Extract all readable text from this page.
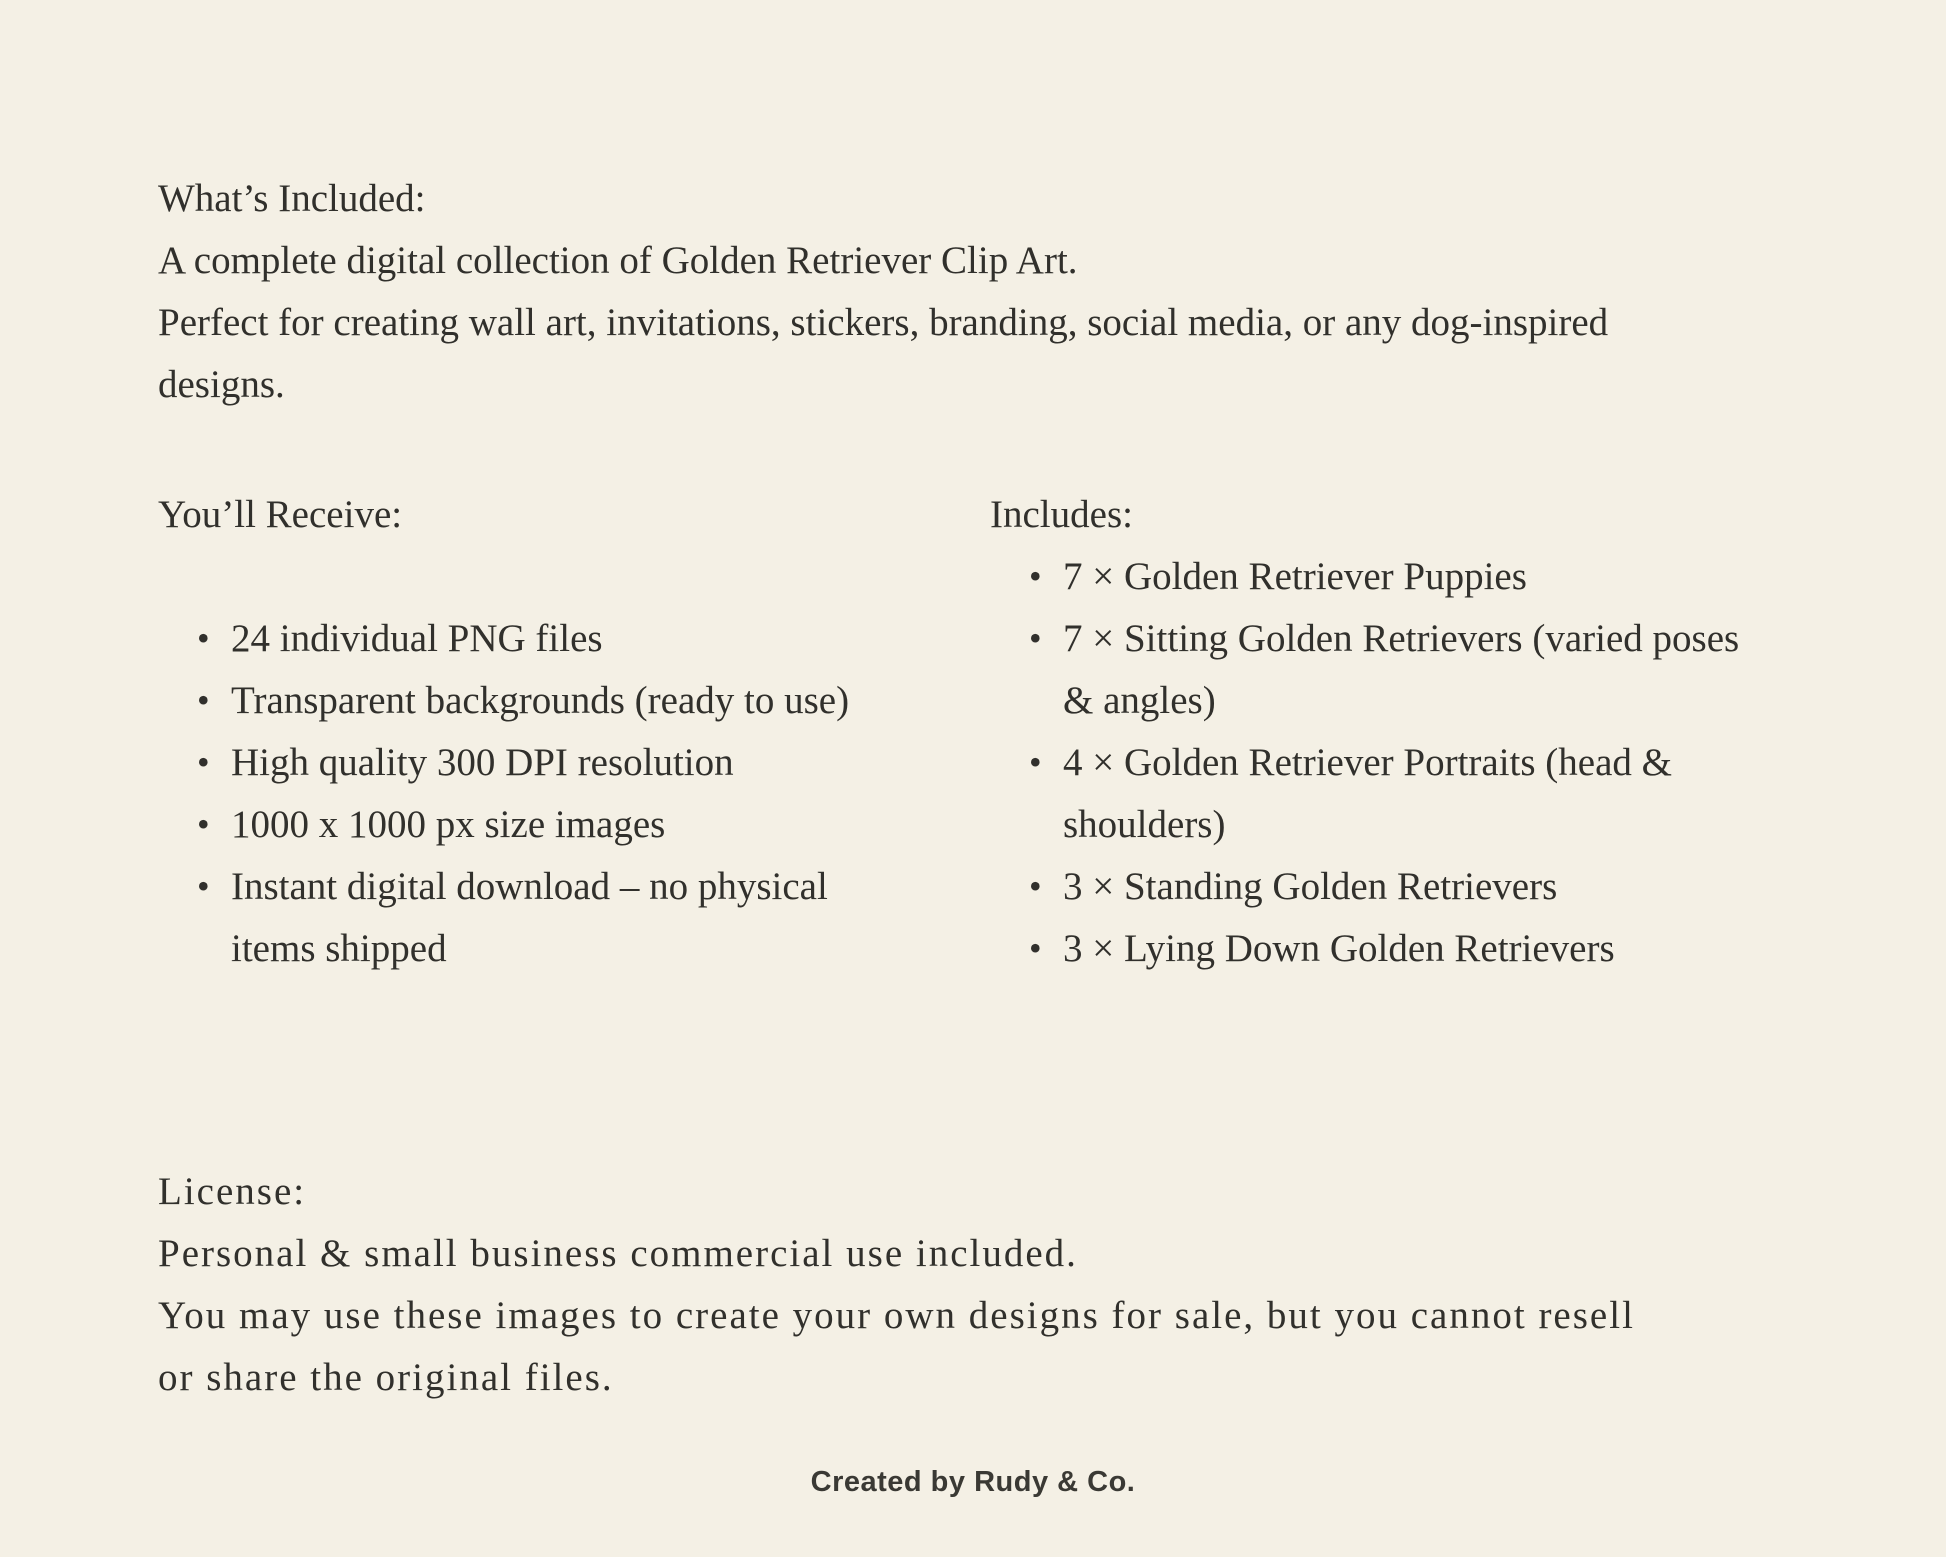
What’s Included:
A complete digital collection of Golden Retriever Clip Art.
Perfect for creating wall art, invitations, stickers, branding, social media, or any dog-inspired
designs.
You’ll Receive:
• 24 individual PNG files
• Transparent backgrounds (ready to use)
• High quality 300 DPI resolution
• 1000 x 1000 px size images
• Instant digital download – no physical
items shipped
Includes:
• 7 × Golden Retriever Puppies
• 7 × Sitting Golden Retrievers (varied poses
& angles)
• 4 × Golden Retriever Portraits (head &
shoulders)
• 3 × Standing Golden Retrievers
• 3 × Lying Down Golden Retrievers
License:
Personal & small business commercial use included.
You may use these images to create your own designs for sale, but you cannot resell
or share the original files.
Created by Rudy & Co.
